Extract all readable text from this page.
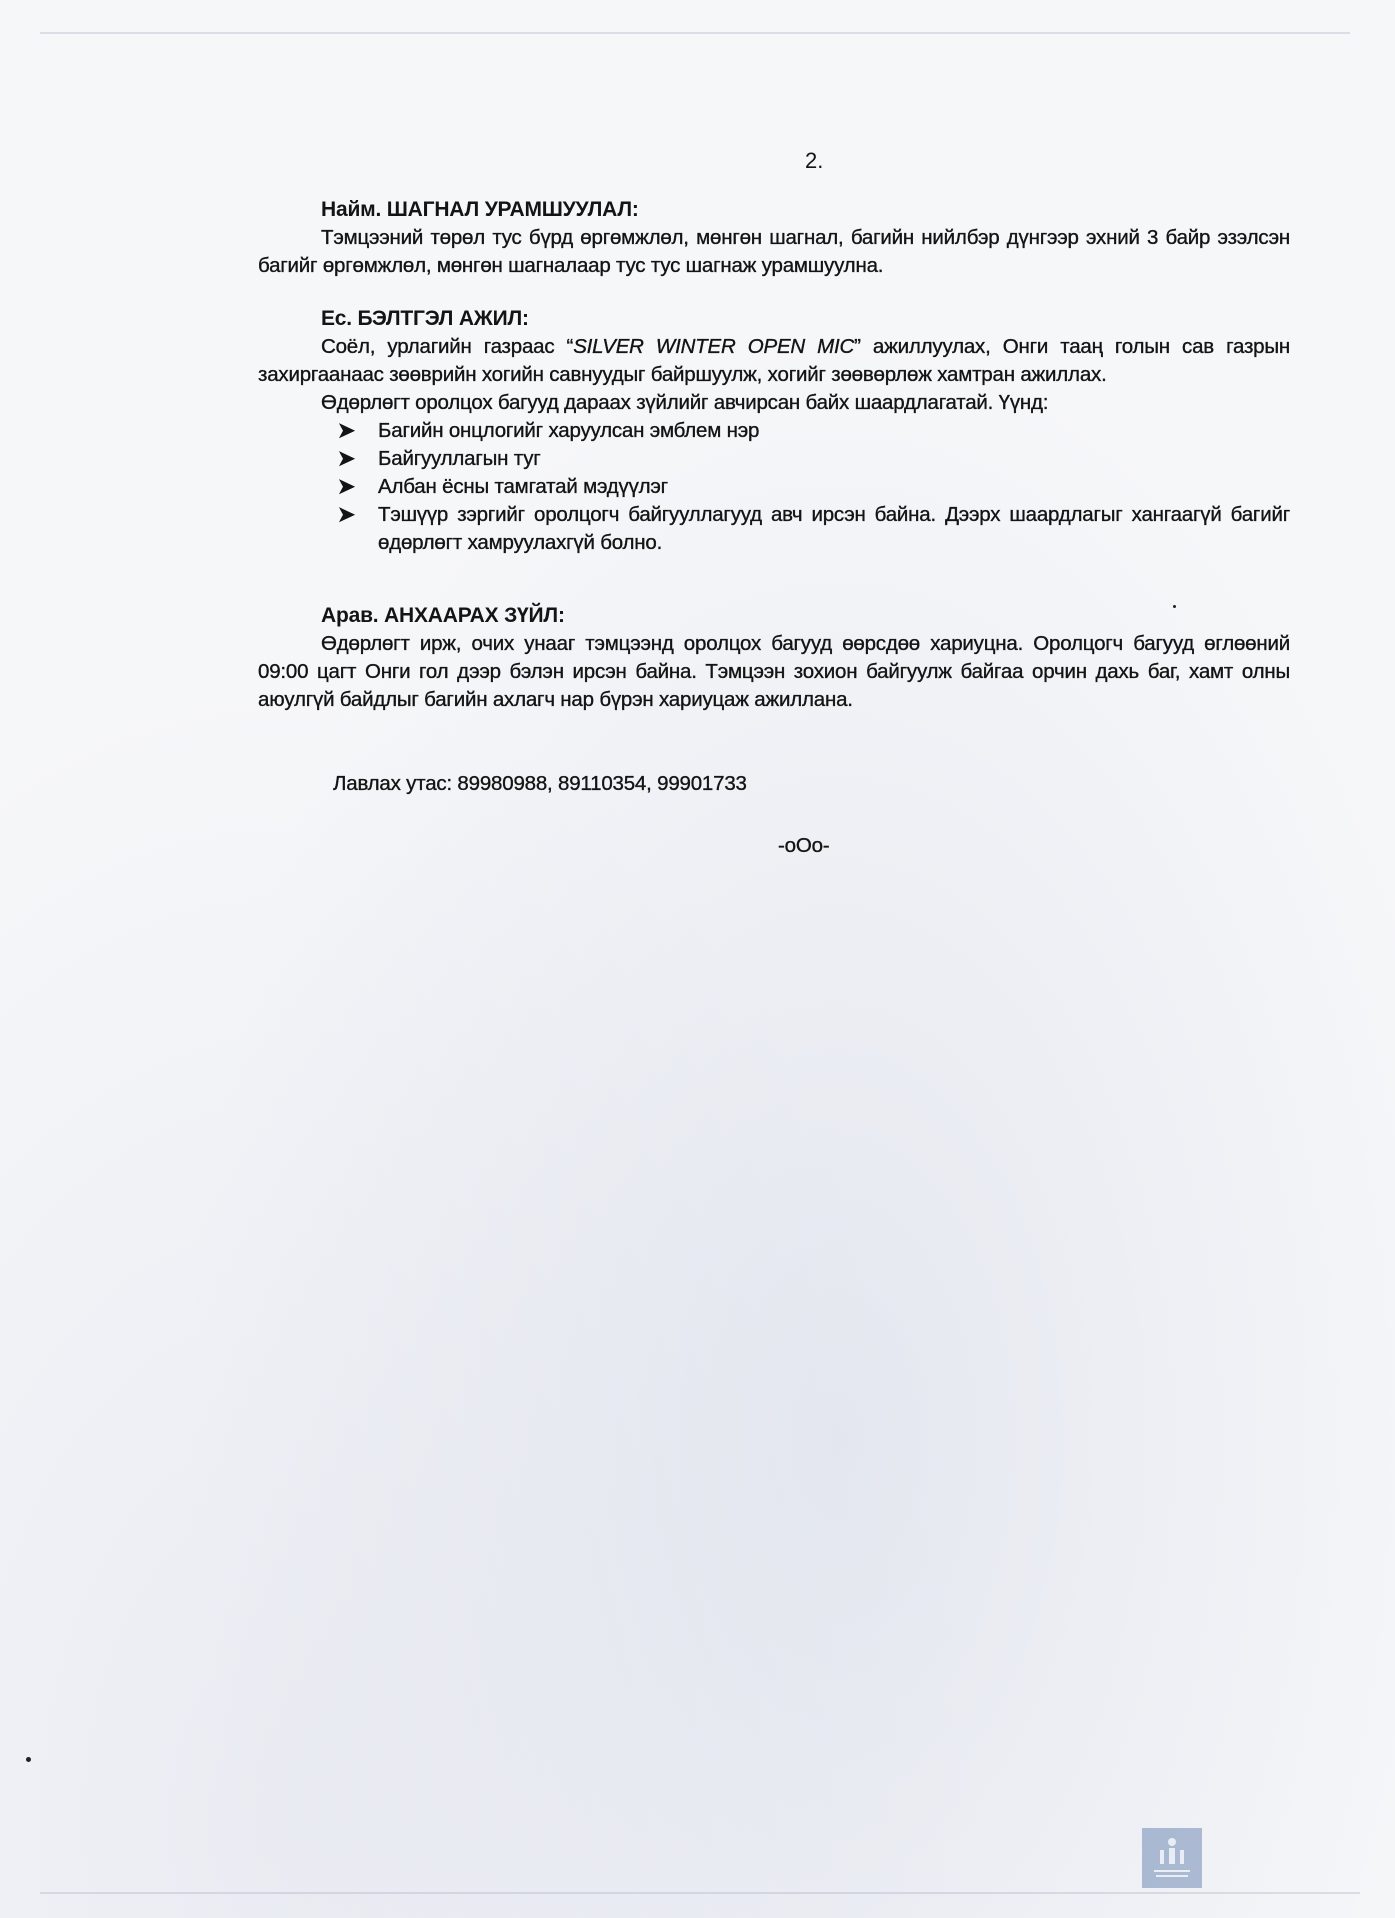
2.

Найм. ШАГНАЛ УРАМШУУЛАЛ:

Тэмцээний төрөл тус бүрд өргөмжлөл, мөнгөн шагнал, багийн нийлбэр дүнгээр эхний 3 байр эзэлсэн багийг өргөмжлөл, мөнгөн шагналаар тус тус шагнаж урамшуулна.

Ес. БЭЛТГЭЛ АЖИЛ:

Соёл, урлагийн газраас “SILVER WINTER OPEN MIC” ажиллуулах, Онги тааң голын сав газрын захиргаанаас зөөврийн хогийн савнуудыг байршуулж, хогийг зөөвөрлөж хамтран ажиллах.

Өдөрлөгт оролцох багууд дараах зүйлийг авчирсан байх шаардлагатай. Үүнд:

➤ Багийн онцлогийг харуулсан эмблем нэр
➤ Байгууллагын туг
➤ Албан ёсны тамгатай мэдүүлэг
➤ Тэшүүр зэргийг оролцогч байгууллагууд авч ирсэн байна. Дээрх шаардлагыг хангаагүй багийг өдөрлөгт хамруулахгүй болно.

Арав. АНХААРАХ ЗҮЙЛ:

Өдөрлөгт ирж, очих унааг тэмцээнд оролцох багууд өөрсдөө хариуцна. Оролцогч багууд өглөөний 09:00 цагт Онги гол дээр бэлэн ирсэн байна. Тэмцээн зохион байгуулж байгаа орчин дахь баг, хамт олны аюулгүй байдлыг багийн ахлагч нар бүрэн хариуцаж ажиллана.

Лавлах утас: 89980988, 89110354, 99901733
-oOo-
